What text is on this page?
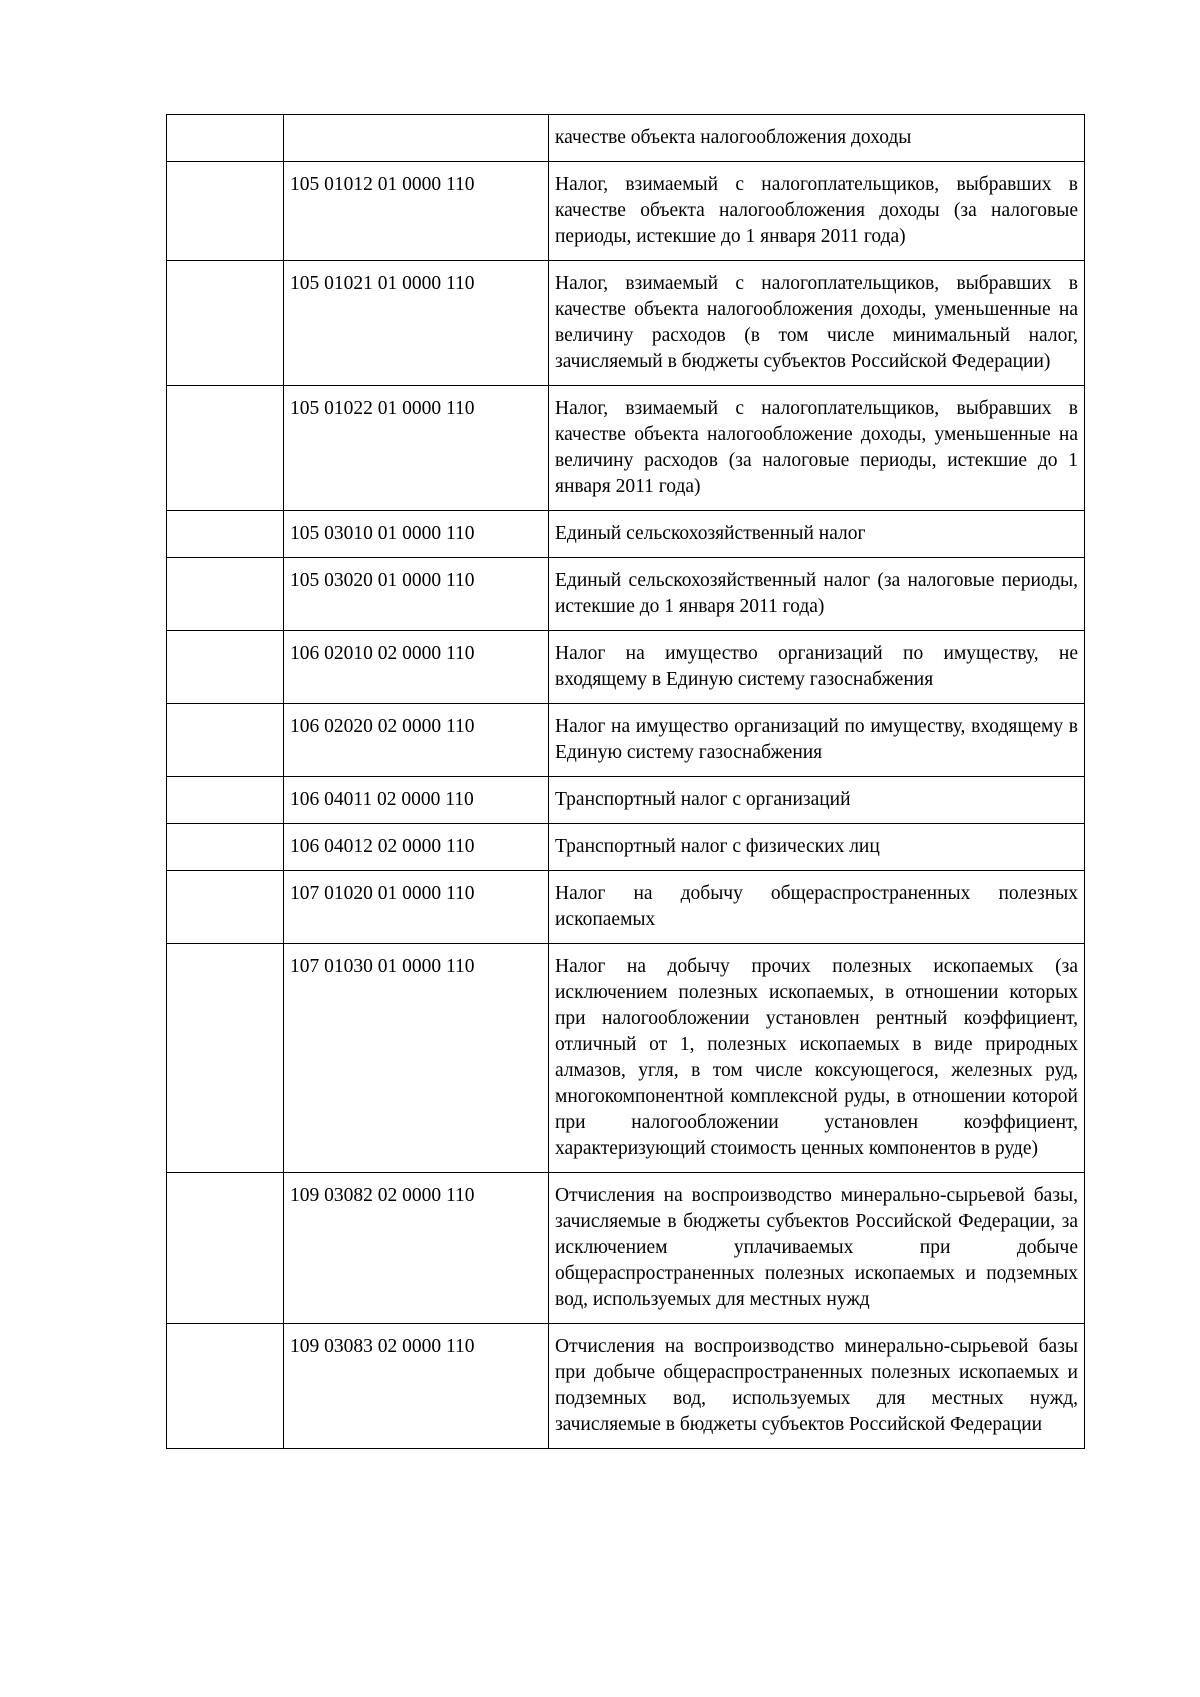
		качестве объекта налогообложения доходы
	105 01012 01 0000 110	Налог, взимаемый с налогоплательщиков, выбравших в качестве объекта налогообложения доходы (за налоговые периоды, истекшие до 1 января 2011 года)
	105 01021 01 0000 110	Налог, взимаемый с налогоплательщиков, выбравших в качестве объекта налогообложения доходы, уменьшенные на величину расходов (в том числе минимальный налог, зачисляемый в бюджеты субъектов Российской Федерации)
	105 01022 01 0000 110	Налог, взимаемый с налогоплательщиков, выбравших в качестве объекта налогообложение доходы, уменьшенные на величину расходов (за налоговые периоды, истекшие до 1 января 2011 года)
	105 03010 01 0000 110	Единый сельскохозяйственный налог
	105 03020 01 0000 110	Единый сельскохозяйственный налог (за налоговые периоды, истекшие до 1 января 2011 года)
	106 02010 02 0000 110	Налог на имущество организаций по имуществу, не входящему в Единую систему газоснабжения
	106 02020 02 0000 110	Налог на имущество организаций по имуществу, входящему в Единую систему газоснабжения
	106 04011 02 0000 110	Транспортный налог с организаций
	106 04012 02 0000 110	Транспортный налог с физических лиц
	107 01020 01 0000 110	Налог на добычу общераспространенных полезных ископаемых
	107 01030 01 0000 110	Налог на добычу прочих полезных ископаемых (за исключением полезных ископаемых, в отношении которых при налогообложении установлен рентный коэффициент, отличный от 1, полезных ископаемых в виде природных алмазов, угля, в том числе коксующегося, железных руд, многокомпонентной комплексной руды, в отношении которой при налогообложении установлен коэффициент, характеризующий стоимость ценных компонентов в руде)
	109 03082 02 0000 110	Отчисления на воспроизводство минерально-сырьевой базы, зачисляемые в бюджеты субъектов Российской Федерации, за исключением уплачиваемых при добыче общераспространенных полезных ископаемых и подземных вод, используемых для местных нужд
	109 03083 02 0000 110	Отчисления на воспроизводство минерально-сырьевой базы при добыче общераспространенных полезных ископаемых и подземных вод, используемых для местных нужд, зачисляемые в бюджеты субъектов Российской Федерации
